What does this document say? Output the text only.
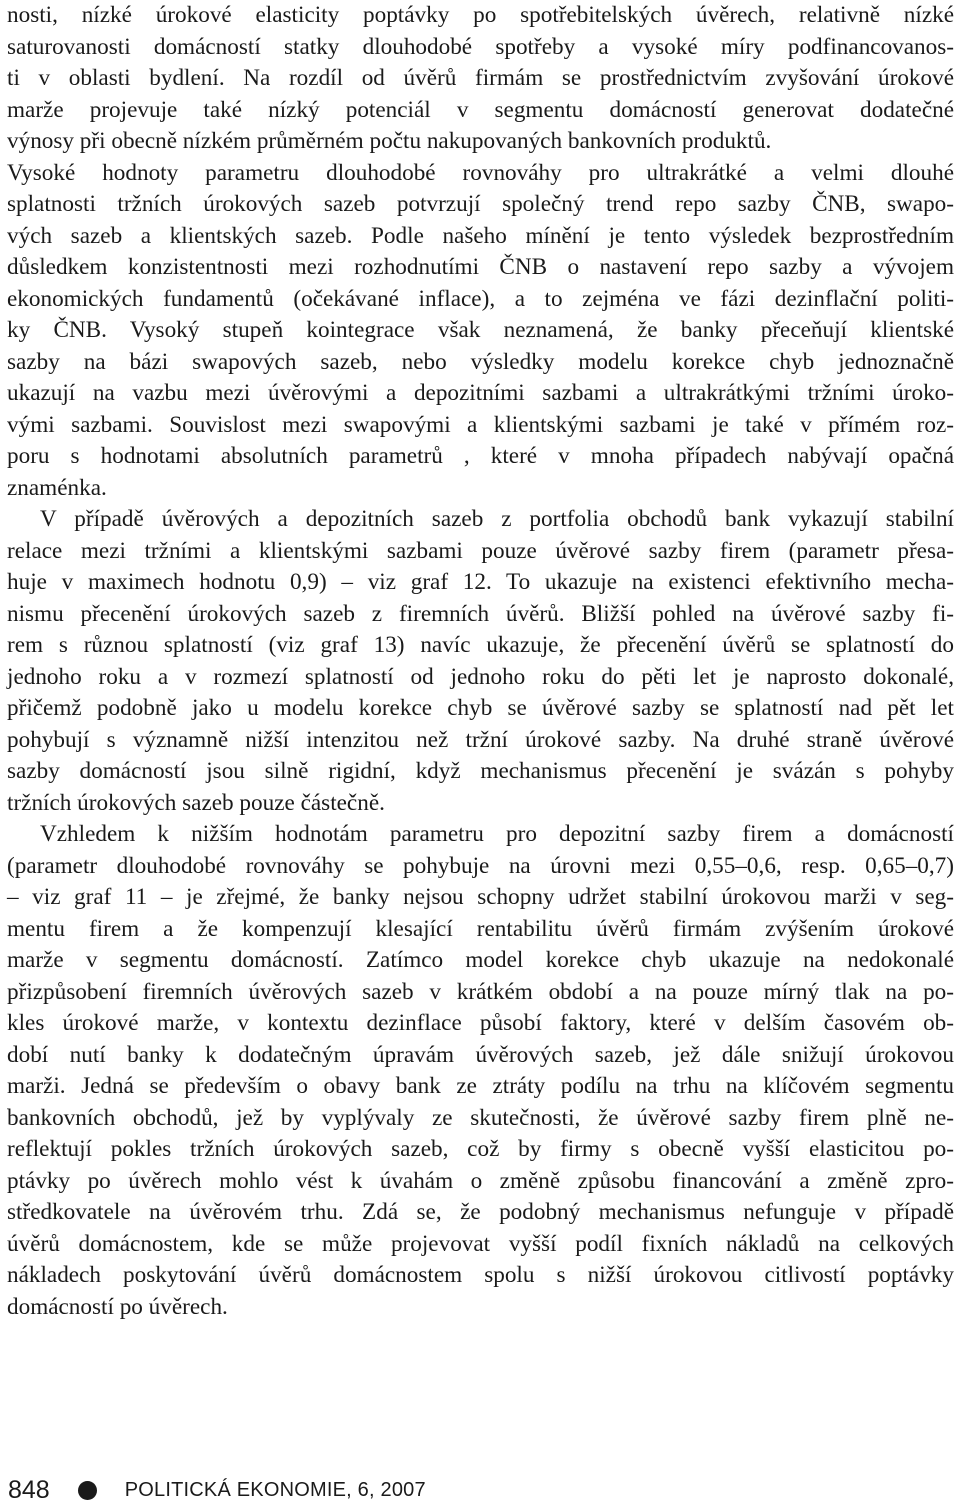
nosti, nízké úrokové elasticity poptávky po spotřebitelských úvěrech, relativně nízké
saturovanosti domácností statky dlouhodobé spotřeby a vysoké míry podfinancovanos-
ti v oblasti bydlení. Na rozdíl od úvěrů firmám se prostřednictvím zvyšování úrokové
marže projevuje také nízký potenciál v segmentu domácností generovat dodatečné
výnosy při obecně nízkém průměrném počtu nakupovaných bankovních produktů.

Vysoké hodnoty parametru dlouhodobé rovnováhy pro ultrakrátké a velmi dlouhé
splatnosti tržních úrokových sazeb potvrzují společný trend repo sazby ČNB, swapo-
vých sazeb a klientských sazeb. Podle našeho mínění je tento výsledek bezprostředním
důsledkem konzistentnosti mezi rozhodnutími ČNB o nastavení repo sazby a vývojem
ekonomických fundamentů (očekávané inflace), a to zejména ve fázi dezinflační politi-
ky ČNB. Vysoký stupeň kointegrace však neznamená, že banky přeceňují klientské
sazby na bázi swapových sazeb, nebo výsledky modelu korekce chyb jednoznačně
ukazují na vazbu mezi úvěrovými a depozitními sazbami a ultrakrátkými tržními úroko-
vými sazbami. Souvislost mezi swapovými a klientskými sazbami je také v přímém roz-
poru s hodnotami absolutních parametrů , které v mnoha případech nabývají opačná
znaménka.

V případě úvěrových a depozitních sazeb z portfolia obchodů bank vykazují stabilní
relace mezi tržními a klientskými sazbami pouze úvěrové sazby firem (parametr přesa-
huje v maximech hodnotu 0,9) – viz graf 12. To ukazuje na existenci efektivního mecha-
nismu přecenění úrokových sazeb z firemních úvěrů. Bližší pohled na úvěrové sazby fi-
rem s různou splatností (viz graf 13) navíc ukazuje, že přecenění úvěrů se splatností do
jednoho roku a v rozmezí splatností od jednoho roku do pěti let je naprosto dokonalé,
přičemž podobně jako u modelu korekce chyb se úvěrové sazby se splatností nad pět let
pohybují s významně nižší intenzitou než tržní úrokové sazby. Na druhé straně úvěrové
sazby domácností jsou silně rigidní, když mechanismus přecenění je svázán s pohyby
tržních úrokových sazeb pouze částečně.

Vzhledem k nižším hodnotám parametru pro depozitní sazby firem a domácností
(parametr dlouhodobé rovnováhy se pohybuje na úrovni mezi 0,55–0,6, resp. 0,65–0,7)
– viz graf 11 – je zřejmé, že banky nejsou schopny udržet stabilní úrokovou marži v seg-
mentu firem a že kompenzují klesající rentabilitu úvěrů firmám zvýšením úrokové
marže v segmentu domácností. Zatímco model korekce chyb ukazuje na nedokonalé
přizpůsobení firemních úvěrových sazeb v krátkém období a na pouze mírný tlak na po-
kles úrokové marže, v kontextu dezinflace působí faktory, které v delším časovém ob-
dobí nutí banky k dodatečným úpravám úvěrových sazeb, jež dále snižují úrokovou
marži. Jedná se především o obavy bank ze ztráty podílu na trhu na klíčovém segmentu
bankovních obchodů, jež by vyplývaly ze skutečnosti, že úvěrové sazby firem plně ne-
reflektují pokles tržních úrokových sazeb, což by firmy s obecně vyšší elasticitou po-
ptávky po úvěrech mohlo vést k úvahám o změně způsobu financování a změně zpro-
středkovatele na úvěrovém trhu. Zdá se, že podobný mechanismus nefunguje v případě
úvěrů domácnostem, kde se může projevovat vyšší podíl fixních nákladů na celkových
nákladech poskytování úvěrů domácnostem spolu s nižší úrokovou citlivostí poptávky
domácností po úvěrech.

848	POLITICKÁ EKONOMIE, 6, 2007
